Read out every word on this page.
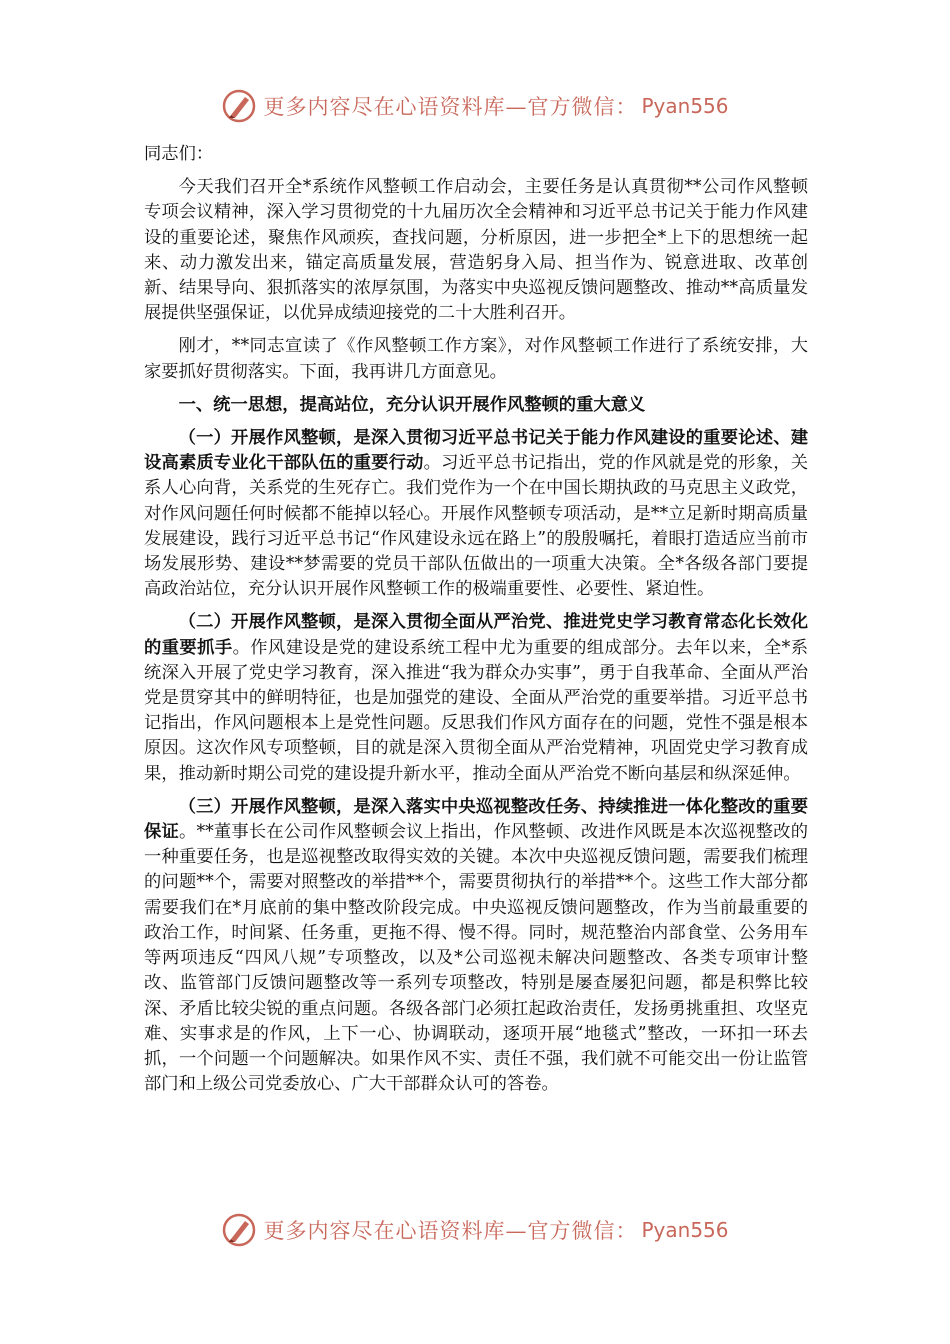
更多内容尽在心语资料库—官方微信： Pyan556

同志们：

今天我们召开全*系统作风整顿工作启动会，主要任务是认真贯彻**公司作风整顿专项会议精神，深入学习贯彻党的十九届历次全会精神和习近平总书记关于能力作风建设的重要论述，聚焦作风顽疾，查找问题，分析原因，进一步把全*上下的思想统一起来、动力激发出来，锚定高质量发展，营造躬身入局、担当作为、锐意进取、改革创新、结果导向、狠抓落实的浓厚氛围，为落实中央巡视反馈问题整改、推动**高质量发展提供坚强保证，以优异成绩迎接党的二十大胜利召开。

刚才，**同志宣读了《作风整顿工作方案》，对作风整顿工作进行了系统安排，大家要抓好贯彻落实。下面，我再讲几方面意见。

一、统一思想，提高站位，充分认识开展作风整顿的重大意义

（一）开展作风整顿，是深入贯彻习近平总书记关于能力作风建设的重要论述、建设高素质专业化干部队伍的重要行动。习近平总书记指出，党的作风就是党的形象，关系人心向背，关系党的生死存亡。我们党作为一个在中国长期执政的马克思主义政党，对作风问题任何时候都不能掉以轻心。开展作风整顿专项活动，是**立足新时期高质量发展建设，践行习近平总书记“作风建设永远在路上”的殷殷嘱托，着眼打造适应当前市场发展形势、建设**梦需要的党员干部队伍做出的一项重大决策。全*各级各部门要提高政治站位，充分认识开展作风整顿工作的极端重要性、必要性、紧迫性。

（二）开展作风整顿，是深入贯彻全面从严治党、推进党史学习教育常态化长效化的重要抓手。作风建设是党的建设系统工程中尤为重要的组成部分。去年以来，全*系统深入开展了党史学习教育，深入推进“我为群众办实事”，勇于自我革命、全面从严治党是贯穿其中的鲜明特征，也是加强党的建设、全面从严治党的重要举措。习近平总书记指出，作风问题根本上是党性问题。反思我们作风方面存在的问题，党性不强是根本原因。这次作风专项整顿，目的就是深入贯彻全面从严治党精神，巩固党史学习教育成果，推动新时期公司党的建设提升新水平，推动全面从严治党不断向基层和纵深延伸。

（三）开展作风整顿，是深入落实中央巡视整改任务、持续推进一体化整改的重要保证。**董事长在公司作风整顿会议上指出，作风整顿、改进作风既是本次巡视整改的一种重要任务，也是巡视整改取得实效的关键。本次中央巡视反馈问题，需要我们梳理的问题**个，需要对照整改的举措**个，需要贯彻执行的举措**个。这些工作大部分都需要我们在*月底前的集中整改阶段完成。中央巡视反馈问题整改，作为当前最重要的政治工作，时间紧、任务重，更拖不得、慢不得。同时，规范整治内部食堂、公务用车等两项违反“四风八规”专项整改，以及*公司巡视未解决问题整改、各类专项审计整改、监管部门反馈问题整改等一系列专项整改，特别是屡查屡犯问题，都是积弊比较深、矛盾比较尖锐的重点问题。各级各部门必须扛起政治责任，发扬勇挑重担、攻坚克难、实事求是的作风，上下一心、协调联动，逐项开展“地毯式”整改，一环扣一环去抓，一个问题一个问题解决。如果作风不实、责任不强，我们就不可能交出一份让监管部门和上级公司党委放心、广大干部群众认可的答卷。

更多内容尽在心语资料库—官方微信： Pyan556
